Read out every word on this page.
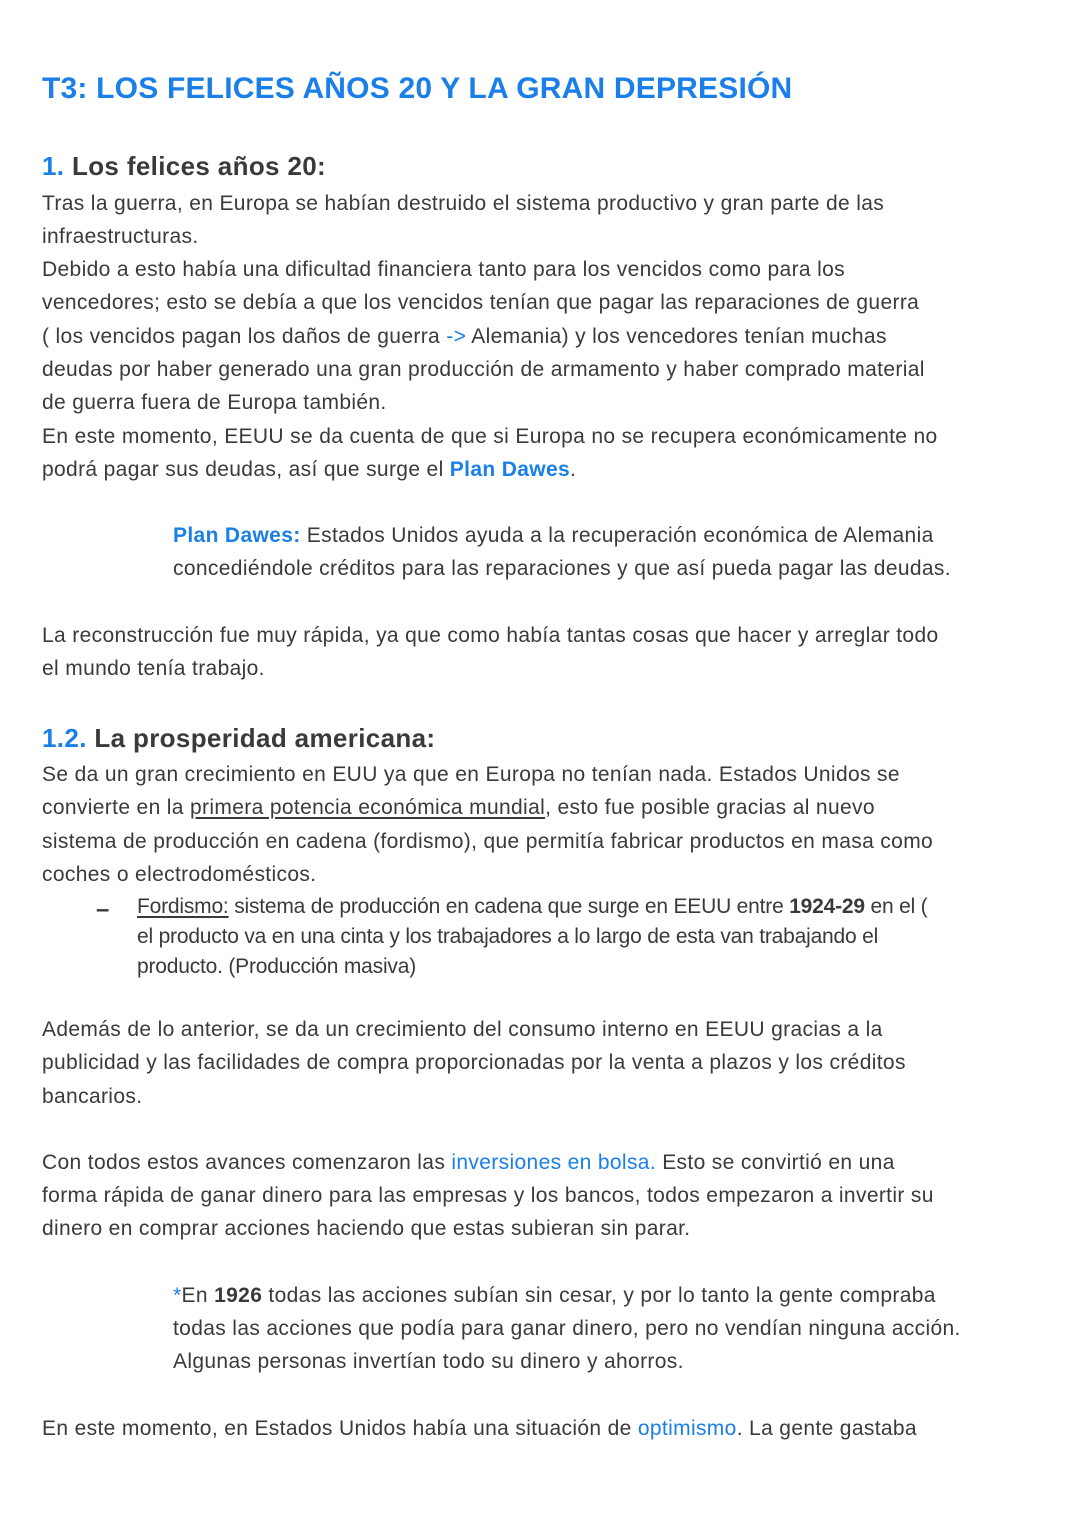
T3: LOS FELICES AÑOS 20 Y LA GRAN DEPRESIÓN
1. Los felices años 20:
Tras la guerra, en Europa se habían destruido el sistema productivo y gran parte de las
infraestructuras.
Debido a esto había una dificultad financiera tanto para los vencidos como para los
vencedores; esto se debía a que los vencidos tenían que pagar las reparaciones de guerra
( los vencidos pagan los daños de guerra -> Alemania) y los vencedores tenían muchas
deudas por haber generado una gran producción de armamento y haber comprado material
de guerra fuera de Europa también.
En este momento, EEUU se da cuenta de que si Europa no se recupera económicamente no
podrá pagar sus deudas, así que surge el Plan Dawes.
Plan Dawes: Estados Unidos ayuda a la recuperación económica de Alemania
concediéndole créditos para las reparaciones y que así pueda pagar las deudas.
La reconstrucción fue muy rápida, ya que como había tantas cosas que hacer y arreglar todo
el mundo tenía trabajo.
1.2. La prosperidad americana:
Se da un gran crecimiento en EUU ya que en Europa no tenían nada. Estados Unidos se
convierte en la primera potencia económica mundial, esto fue posible gracias al nuevo
sistema de producción en cadena (fordismo), que permitía fabricar productos en masa como
coches o electrodomésticos.
Fordismo: sistema de producción en cadena que surge en EEUU entre 1924-29 en el (
el producto va en una cinta y los trabajadores a lo largo de esta van trabajando el
producto. (Producción masiva)
Además de lo anterior, se da un crecimiento del consumo interno en EEUU gracias a la
publicidad y las facilidades de compra proporcionadas por la venta a plazos y los créditos
bancarios.
Con todos estos avances comenzaron las inversiones en bolsa. Esto se convirtió en una
forma rápida de ganar dinero para las empresas y los bancos, todos empezaron a invertir su
dinero en comprar acciones haciendo que estas subieran sin parar.
*En 1926 todas las acciones subían sin cesar, y por lo tanto la gente compraba
todas las acciones que podía para ganar dinero, pero no vendían ninguna acción.
Algunas personas invertían todo su dinero y ahorros.
En este momento, en Estados Unidos había una situación de optimismo. La gente gastaba
–
